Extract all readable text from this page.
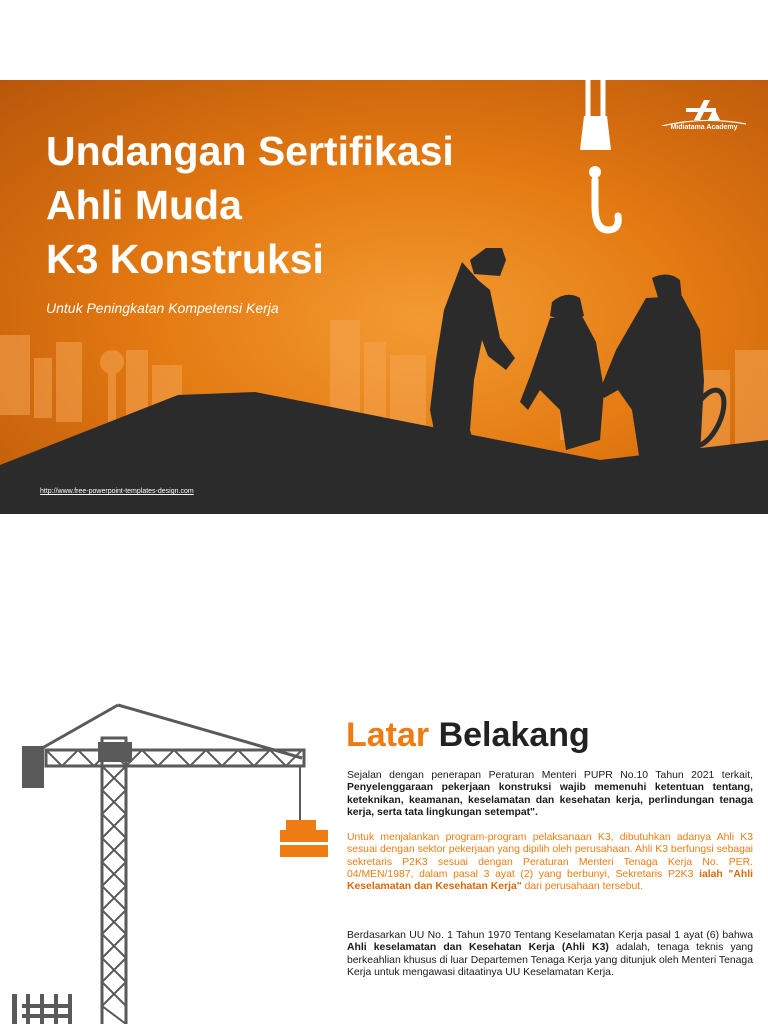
Undangan Sertifikasi
Ahli Muda
K3 Konstruksi
Untuk Peningkatan Kompetensi Kerja
http://www.free-powerpoint-templates-design.com
Midiatama Academy
Latar Belakang

Sejalan dengan penerapan Peraturan Menteri PUPR No.10 Tahun 2021 terkait, Penyelenggaraan pekerjaan konstruksi wajib memenuhi ketentuan tentang, keteknikan, keamanan, keselamatan dan kesehatan kerja, perlindungan tenaga kerja, serta tata lingkungan setempat".

Untuk menjalankan program-program pelaksanaan K3, dibutuhkan adanya Ahli K3 sesuai dengan sektor pekerjaan yang dipilih oleh perusahaan. Ahli K3 berfungsi sebagai sekretaris P2K3 sesuai dengan Peraturan Menteri Tenaga Kerja No. PER. 04/MEN/1987, dalam pasal 3 ayat (2) yang berbunyi, Sekretaris P2K3 ialah "Ahli Keselamatan dan Kesehatan Kerja" dari perusahaan tersebut.

Berdasarkan UU No. 1 Tahun 1970 Tentang Keselamatan Kerja pasal 1 ayat (6) bahwa Ahli keselamatan dan Kesehatan Kerja (Ahli K3) adalah, tenaga teknis yang berkeahlian khusus di luar Departemen Tenaga Kerja yang ditunjuk oleh Menteri Tenaga Kerja untuk mengawasi ditaatinya UU Keselamatan Kerja.
